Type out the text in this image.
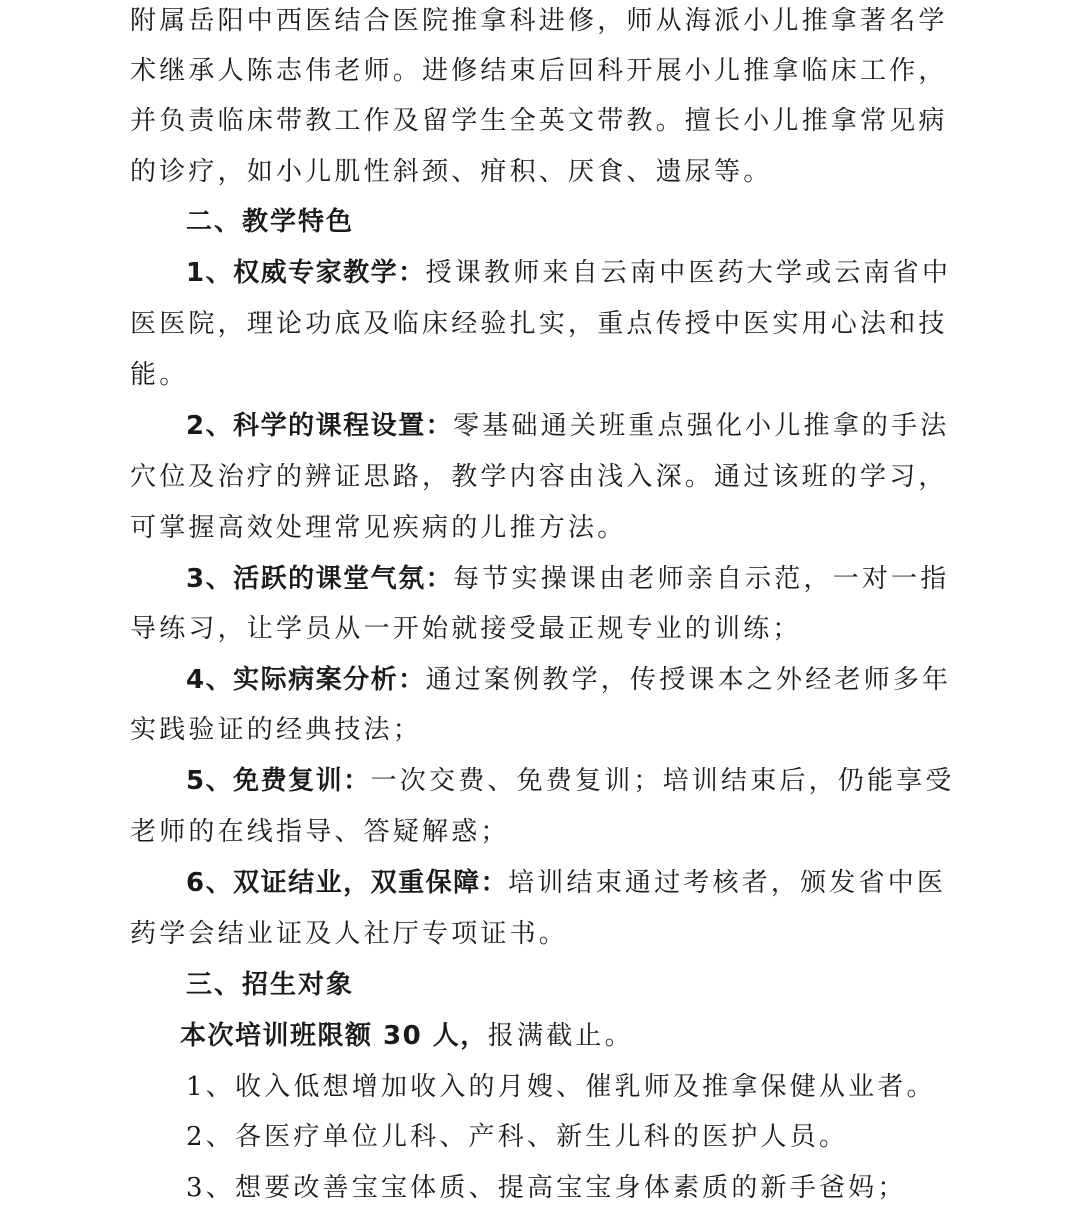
附属岳阳中西医结合医院推拿科进修，师从海派小儿推拿著名学
术继承人陈志伟老师。进修结束后回科开展小儿推拿临床工作，
并负责临床带教工作及留学生全英文带教。擅长小儿推拿常见病
的诊疗，如小儿肌性斜颈、疳积、厌食、遗尿等。
二、教学特色
1、权威专家教学：授课教师来自云南中医药大学或云南省中
医医院，理论功底及临床经验扎实，重点传授中医实用心法和技
能。
2、科学的课程设置：零基础通关班重点强化小儿推拿的手法
穴位及治疗的辨证思路，教学内容由浅入深。通过该班的学习，
可掌握高效处理常见疾病的儿推方法。
3、活跃的课堂气氛：每节实操课由老师亲自示范，一对一指
导练习，让学员从一开始就接受最正规专业的训练；
4、实际病案分析：通过案例教学，传授课本之外经老师多年
实践验证的经典技法；
5、免费复训：一次交费、免费复训；培训结束后，仍能享受
老师的在线指导、答疑解惑；
6、双证结业，双重保障：培训结束通过考核者，颁发省中医
药学会结业证及人社厅专项证书。
三、招生对象
本次培训班限额 30 人，报满截止。
1、收入低想增加收入的月嫂、催乳师及推拿保健从业者。
2、各医疗单位儿科、产科、新生儿科的医护人员。
3、想要改善宝宝体质、提高宝宝身体素质的新手爸妈；
